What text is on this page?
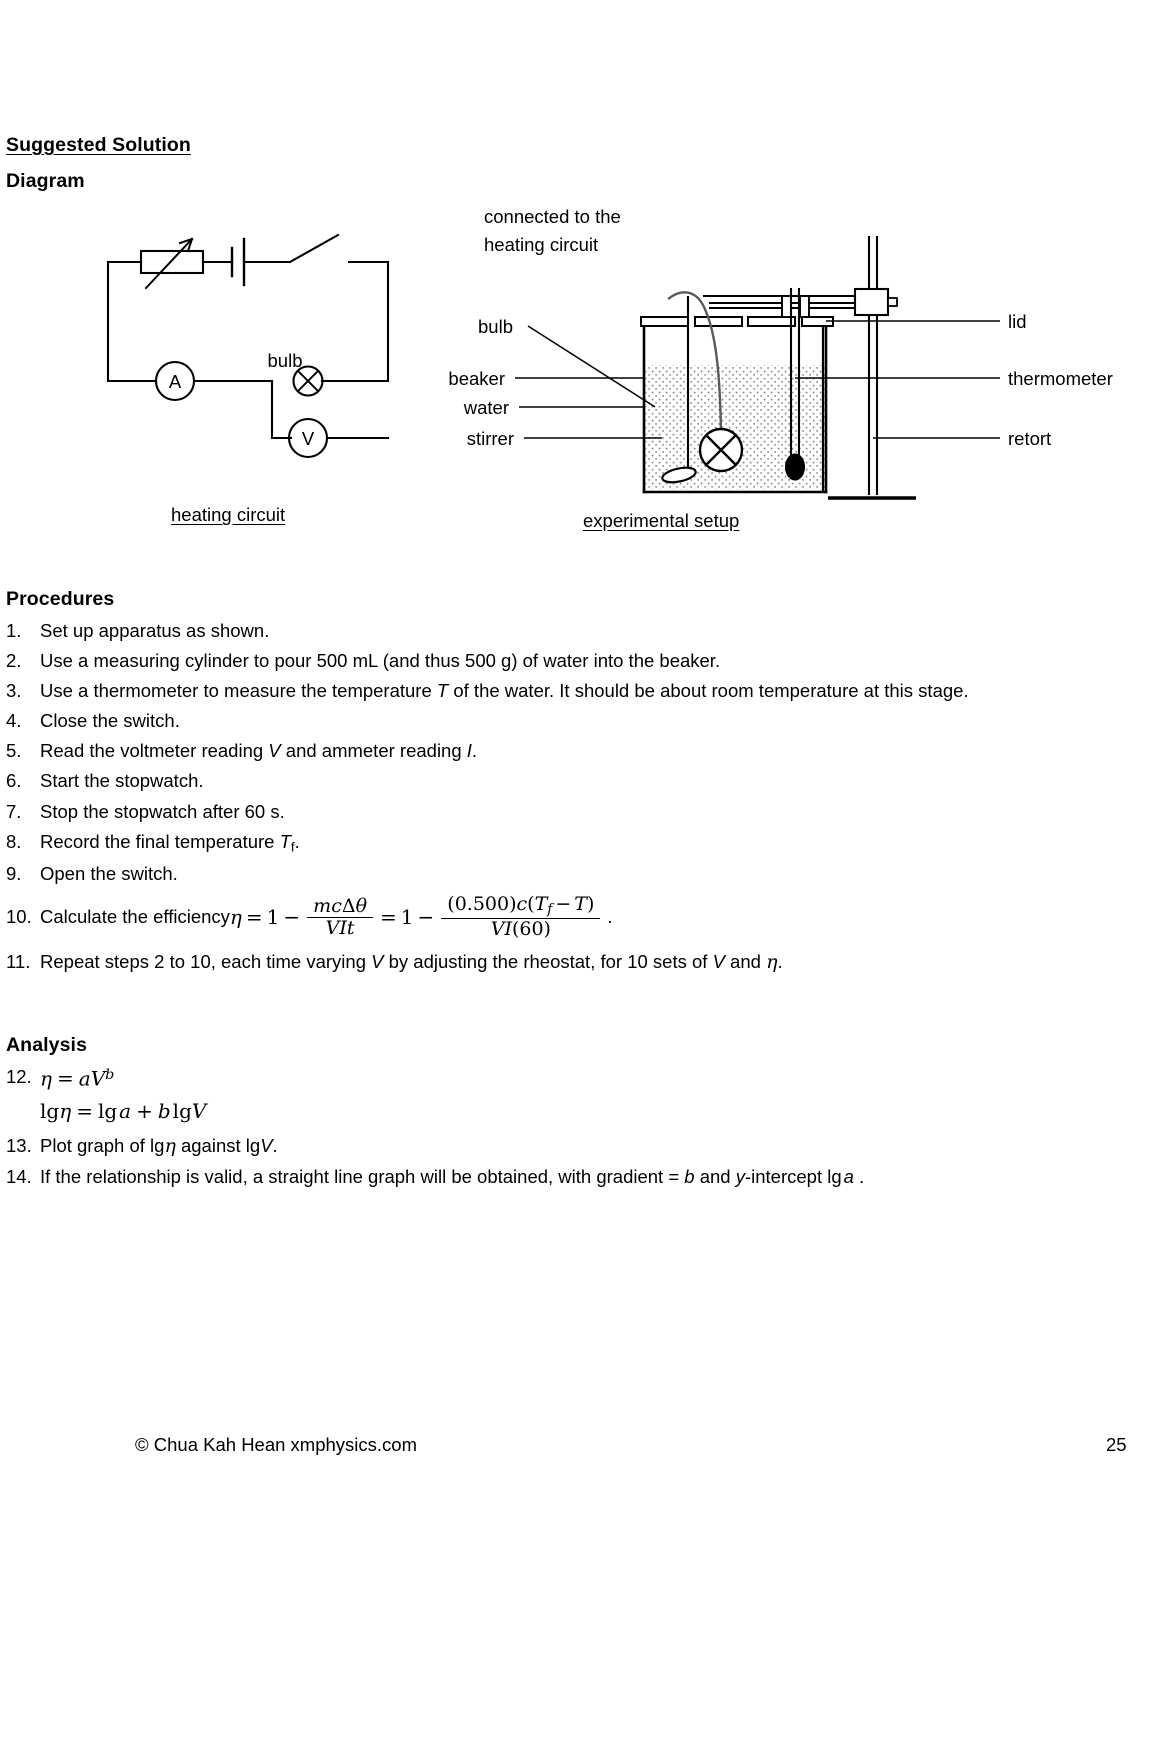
Suggested Solution
Diagram
bulb
A
V
connected to the
heating circuit
bulb
beaker
water
stirrer
lid
thermometer
retort
heating circuit	experimental setup
Procedures
1.	Set up apparatus as shown.
2.	Use a measuring cylinder to pour 500 mL (and thus 500 g) of water into the beaker.
3.	Use a thermometer to measure the temperature T of the water. It should be about room temperature at this stage.
4.	Close the switch.
5.	Read the voltmeter reading V and ammeter reading I.
6.	Start the stopwatch.
7.	Stop the stopwatch after 60 s.
8.	Record the final temperature Tf.
9.	Open the switch.
10. Calculate the efficiency $\eta = 1 - \frac{\text{mcΔθ}}{\text{VIt}} = 1 - \frac{(0.500)c(Tf - T)}{VI(60)}$ .
11. Repeat steps 2 to 10, each time varying V by adjusting the rheostat, for 10 sets of V and η.
Analysis
12. $\eta = aV^b$
lgη = lg a + b lgV
13. Plot graph of lgη against lgV.
14. If the relationship is valid, a straight line graph will be obtained, with gradient = b and y-intercept lg a .
© Chua Kah Hean xmphysics.com	25
